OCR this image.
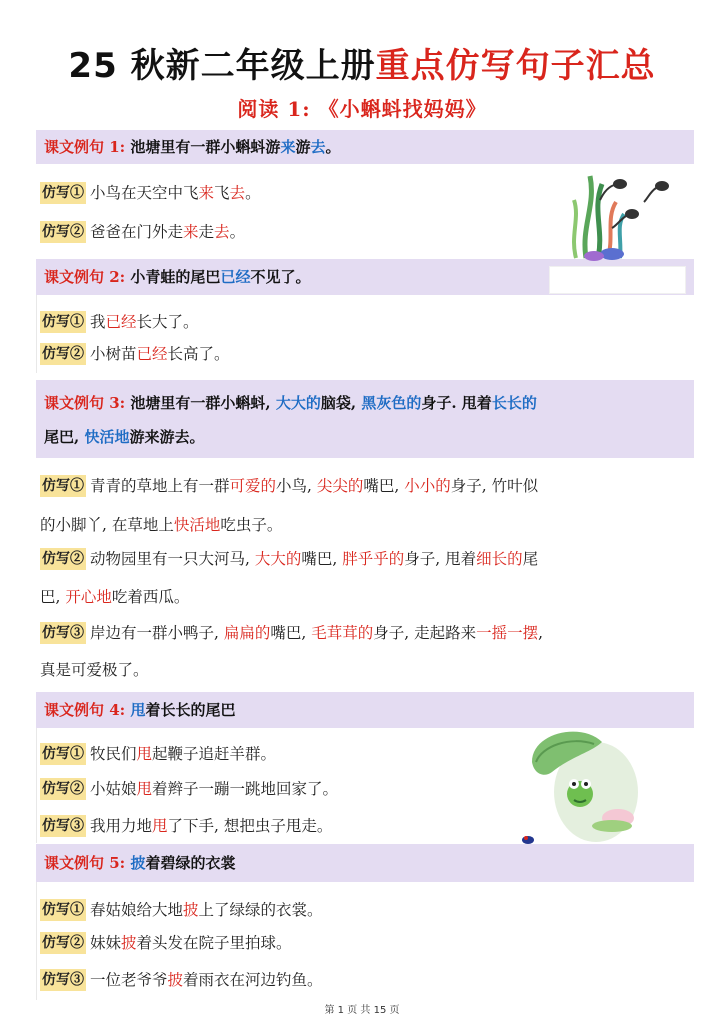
25 秋新二年级上册重点仿写句子汇总
阅读 1: 《小蝌蚪找妈妈》
课文例句 1: 池塘里有一群小蝌蚪游来游去。
仿写① 小鸟在天空中飞来飞去。
仿写② 爸爸在门外走来走去。
课文例句 2: 小青蛙的尾巴已经不见了。
仿写① 我已经长大了。
仿写② 小树苗已经长高了。
课文例句 3: 池塘里有一群小蝌蚪, 大大的脑袋, 黑灰色的身子. 甩着长长的
尾巴, 快活地游来游去。
仿写① 青青的草地上有一群可爱的小鸟, 尖尖的嘴巴, 小小的身子, 竹叶似
的小脚丫, 在草地上快活地吃虫子。
仿写② 动物园里有一只大河马, 大大的嘴巴, 胖乎乎的身子, 甩着细长的尾
巴, 开心地吃着西瓜。
仿写③ 岸边有一群小鸭子, 扁扁的嘴巴, 毛茸茸的身子, 走起路来一摇一摆,
真是可爱极了。
课文例句 4: 甩着长长的尾巴
仿写① 牧民们甩起鞭子追赶羊群。
仿写② 小姑娘甩着辫子一蹦一跳地回家了。
仿写③ 我用力地甩了下手, 想把虫子甩走。
课文例句 5: 披着碧绿的衣裳
仿写① 春姑娘给大地披上了绿绿的衣裳。
仿写② 妹妹披着头发在院子里拍球。
仿写③ 一位老爷爷披着雨衣在河边钓鱼。
第 1 页 共 15 页
